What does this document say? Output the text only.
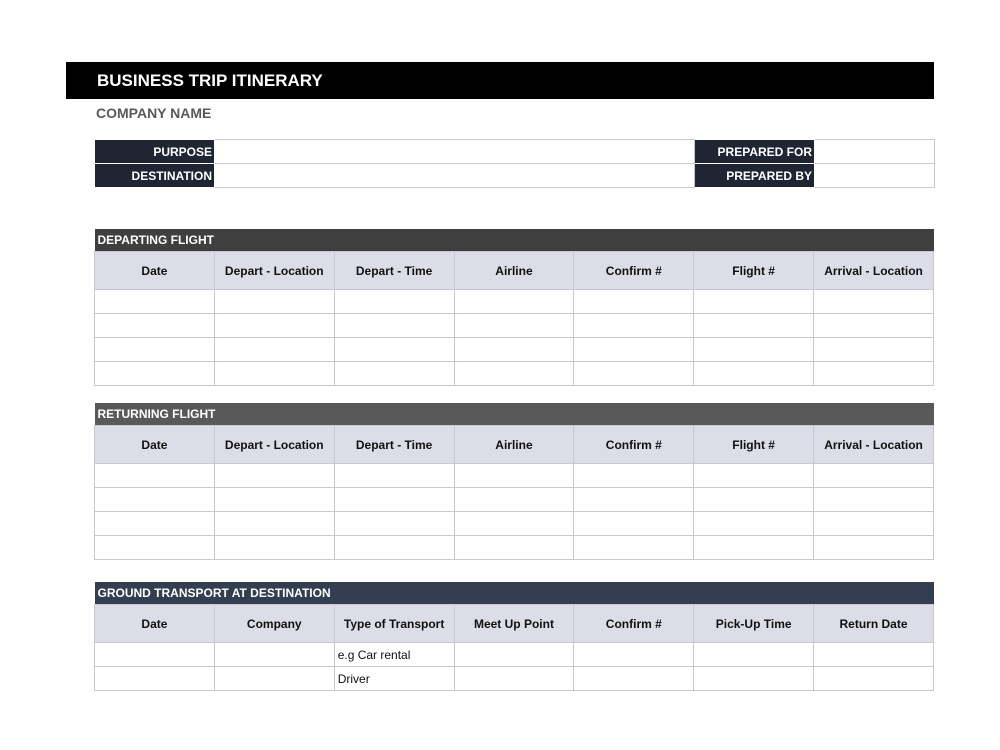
BUSINESS TRIP ITINERARY
COMPANY NAME
PURPOSE		PREPARED FOR	
DESTINATION		PREPARED BY	
DEPARTING FLIGHT						
Date	Depart - Location	Depart - Time	Airline	Confirm #	Flight #	Arrival - Location

RETURNING FLIGHT						
Date	Depart - Location	Depart - Time	Airline	Confirm #	Flight #	Arrival - Location

GROUND TRANSPORT AT DESTINATION						
Date	Company	Type of Transport	Meet Up Point	Confirm #	Pick-Up Time	Return Date
		e.g Car rental				
		Driver				
